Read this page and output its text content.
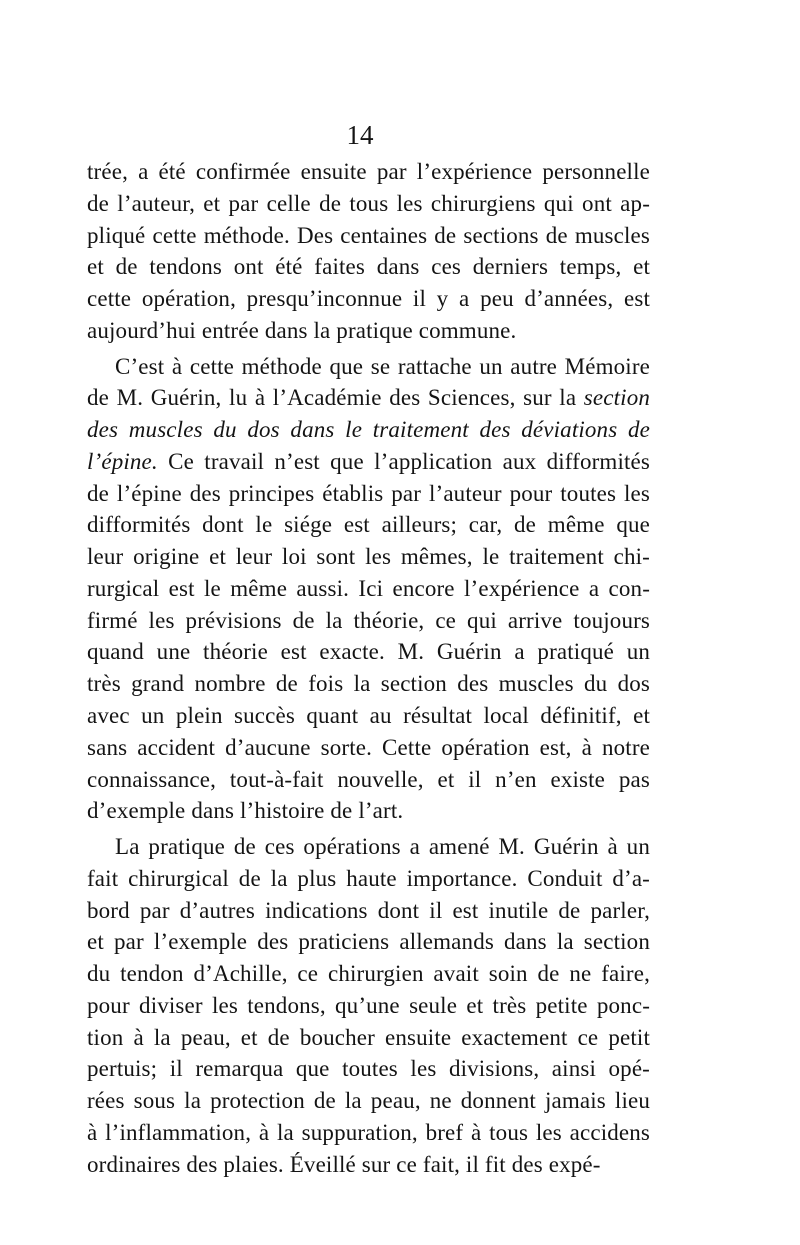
14
trée, a été confirmée ensuite par l’expérience personnelle
de l’auteur, et par celle de tous les chirurgiens qui ont ap-
pliqué cette méthode. Des centaines de sections de muscles
et de tendons ont été faites dans ces derniers temps, et
cette opération, presqu’inconnue il y a peu d’années, est
aujourd’hui entrée dans la pratique commune.
C’est à cette méthode que se rattache un autre Mémoire
de M. Guérin, lu à l’Académie des Sciences, sur la section
des muscles du dos dans le traitement des déviations de
l’épine. Ce travail n’est que l’application aux difformités
de l’épine des principes établis par l’auteur pour toutes les
difformités dont le siége est ailleurs; car, de même que
leur origine et leur loi sont les mêmes, le traitement chi-
rurgical est le même aussi. Ici encore l’expérience a con-
firmé les prévisions de la théorie, ce qui arrive toujours
quand une théorie est exacte. M. Guérin a pratiqué un
très grand nombre de fois la section des muscles du dos
avec un plein succès quant au résultat local définitif, et
sans accident d’aucune sorte. Cette opération est, à notre
connaissance, tout-à-fait nouvelle, et il n’en existe pas
d’exemple dans l’histoire de l’art.
La pratique de ces opérations a amené M. Guérin à un
fait chirurgical de la plus haute importance. Conduit d’a-
bord par d’autres indications dont il est inutile de parler,
et par l’exemple des praticiens allemands dans la section
du tendon d’Achille, ce chirurgien avait soin de ne faire,
pour diviser les tendons, qu’une seule et très petite ponc-
tion à la peau, et de boucher ensuite exactement ce petit
pertuis; il remarqua que toutes les divisions, ainsi opé-
rées sous la protection de la peau, ne donnent jamais lieu
à l’inflammation, à la suppuration, bref à tous les accidens
ordinaires des plaies. Éveillé sur ce fait, il fit des expé-
